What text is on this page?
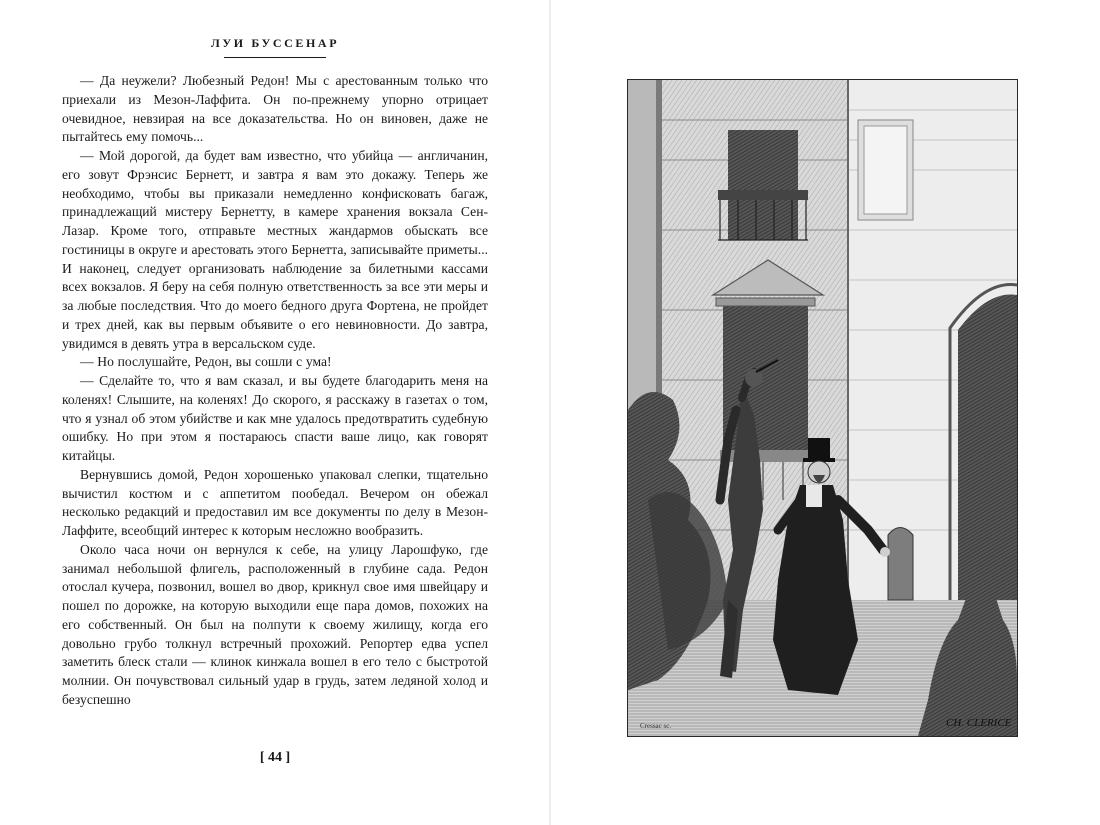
ЛУИ БУССЕНАР

— Да неужели? Любезный Редон! Мы с арестованным только что приехали из Мезон-Лаффита. Он по-прежнему упорно отрицает очевидное, невзирая на все доказательства. Но он виновен, даже не пытайтесь ему помочь...

— Мой дорогой, да будет вам известно, что убийца — англичанин, его зовут Фрэнсис Бернетт, и завтра я вам это докажу. Теперь же необходимо, чтобы вы приказали немедленно конфисковать багаж, принадлежащий мистеру Бернетту, в камере хранения вокзала Сен-Лазар. Кроме того, отправьте местных жандармов обыскать все гостиницы в округе и арестовать этого Бернетта, записывайте приметы... И наконец, следует организовать наблюдение за билетными кассами всех вокзалов. Я беру на себя полную ответственность за все эти меры и за любые последствия. Что до моего бедного друга Фортена, не пройдет и трех дней, как вы первым объявите о его невиновности. До завтра, увидимся в девять утра в версальском суде.

— Но послушайте, Редон, вы сошли с ума!

— Сделайте то, что я вам сказал, и вы будете благодарить меня на коленях! Слышите, на коленях! До скорого, я расскажу в газетах о том, что я узнал об этом убийстве и как мне удалось предотвратить судебную ошибку. Но при этом я постараюсь спасти ваше лицо, как говорят китайцы.

Вернувшись домой, Редон хорошенько упаковал слепки, тщательно вычистил костюм и с аппетитом пообедал. Вечером он обежал несколько редакций и предоставил им все документы по делу в Мезон-Лаффите, всеобщий интерес к которым несложно вообразить.

Около часа ночи он вернулся к себе, на улицу Ларошфуко, где занимал небольшой флигель, расположенный в глубине сада. Редон отослал кучера, позвонил, вошел во двор, крикнул свое имя швейцару и пошел по дорожке, на которую выходили еще пара домов, похожих на его собственный. Он был на полпути к своему жилищу, когда его довольно грубо толкнул встречный прохожий. Репортер едва успел заметить блеск стали — клинок кинжала вошел в его тело с быстротой молнии. Он почувствовал сильный удар в грудь, затем ледяной холод и безуспешно

[ 44 ]
CH. CLERICE
Cressac sc.
